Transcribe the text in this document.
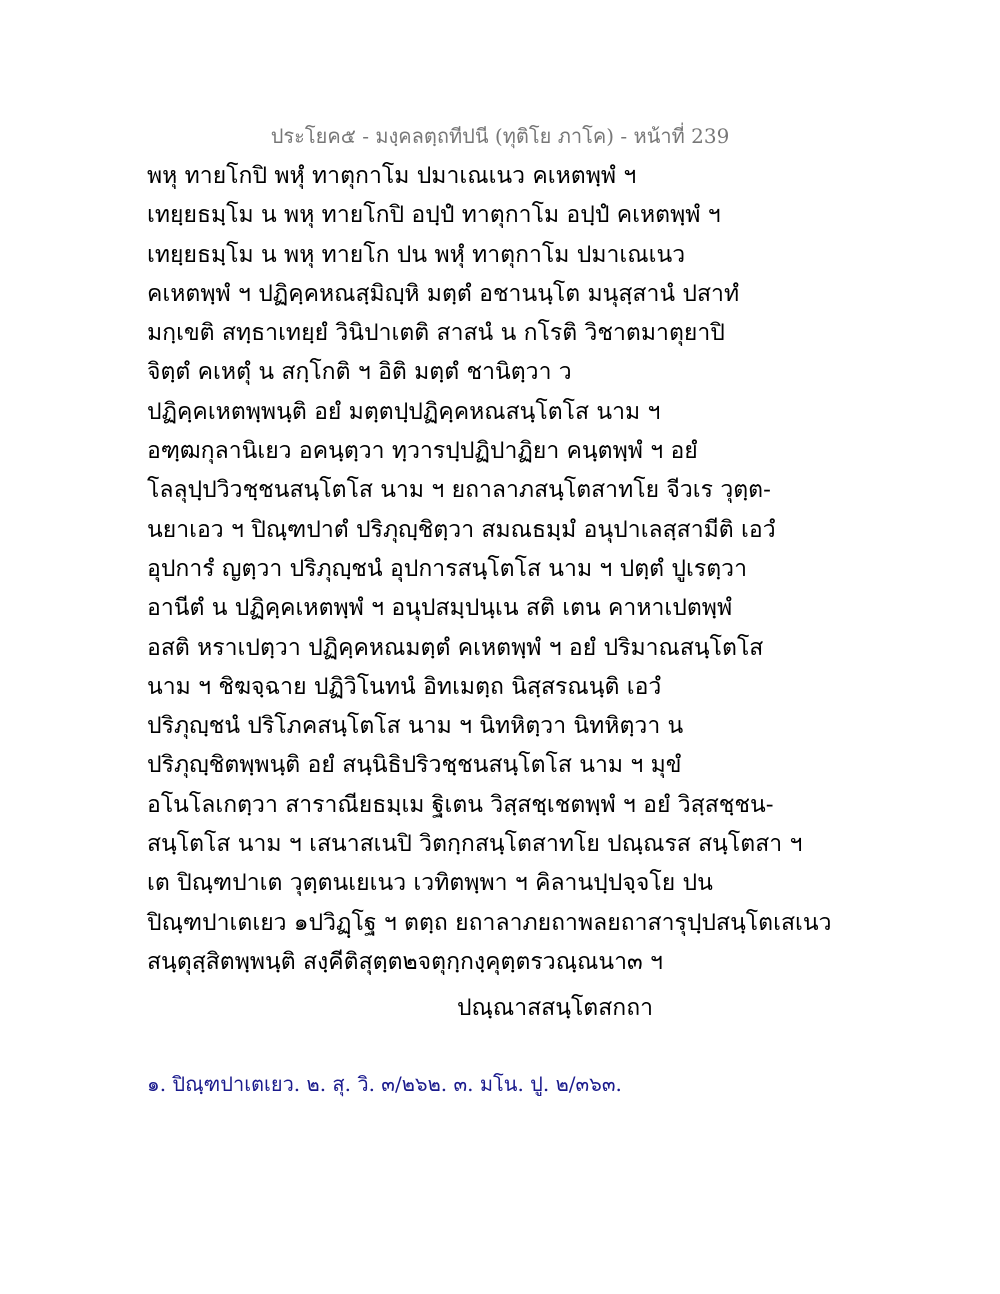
ประโยค๕ - มงฺคลตฺถทีปนี (ทุติโย ภาโค) - หน้าที่ 239
พหุ ทายโกปิ พหุํ ทาตุกาโม ปมาเณเนว คเหตพฺพํ ฯ
เทยฺยธมฺโม น พหุ ทายโกปิ อปฺปํ ทาตุกาโม อปฺปํ คเหตพฺพํ ฯ
เทยฺยธมฺโม น พหุ ทายโก ปน พหุํ ทาตุกาโม ปมาเณเนว
คเหตพฺพํ ฯ ปฏิคฺคหณสฺมิญฺหิ มตฺตํ อชานนฺโต มนุสฺสานํ ปสาทํ
มกฺเขติ สทฺธาเทยฺยํ วินิปาเตติ สาสนํ น กโรติ วิชาตมาตุยาปิ
จิตฺตํ คเหตุํ น สกฺโกติ ฯ อิติ มตฺตํ ชานิตฺวา ว
ปฏิคฺคเหตพฺพนฺติ อยํ มตฺตปฺปฏิคฺคหณสนฺโตโส นาม ฯ
อฑฺฒกุลานิเยว อคนฺตฺวา ทฺวารปฺปฏิปาฏิยา คนฺตพฺพํ ฯ อยํ
โลลุปฺปวิวชฺชนสนฺโตโส นาม ฯ ยถาลาภสนฺโตสาทโย จีวเร วุตฺต-
นยาเอว ฯ ปิณฺฑปาตํ ปริภุญฺชิตฺวา สมณธมฺมํ อนุปาเลสฺสามีติ เอวํ
อุปการํ ญตฺวา ปริภุญฺชนํ อุปการสนฺโตโส นาม ฯ ปตฺตํ ปูเรตฺวา
อานีตํ น ปฏิคฺคเหตพฺพํ ฯ อนุปสมฺปนฺเน สติ เตน คาหาเปตพฺพํ
อสติ หราเปตฺวา ปฏิคฺคหณมตฺตํ คเหตพฺพํ ฯ อยํ ปริมาณสนฺโตโส
นาม ฯ ชิฆจฺฉาย ปฏิวิโนทนํ อิทเมตฺถ นิสฺสรณนฺติ เอวํ
ปริภุญฺชนํ ปริโภคสนฺโตโส นาม ฯ นิทหิตฺวา นิทหิตฺวา น
ปริภุญฺชิตพฺพนฺติ อยํ สนฺนิธิปริวชฺชนสนฺโตโส นาม ฯ มุขํ
อโนโลเกตฺวา สาราณียธมฺเม ฐิเตน วิสฺสชฺเชตพฺพํ ฯ อยํ วิสฺสชฺชน-
สนฺโตโส นาม ฯ เสนาสเนปิ วิตกฺกสนฺโตสาทโย ปณฺณรส สนฺโตสา ฯ
เต ปิณฺฑปาเต วุตฺตนเยเนว เวทิตพฺพา ฯ คิลานปฺปจฺจโย ปน
ปิณฺฑปาเตเยว ๑ปวิฏฺโฐ ฯ ตตฺถ ยถาลาภยถาพลยถาสารุปฺปสนฺโตเสเนว
สนฺตุสฺสิตพฺพนฺติ สงฺคีติสุตฺต๒จตุกฺกงฺคุตฺตรวณฺณนา๓ ฯ
ปณฺณาสสนฺโตสกถา
๑. ปิณฺฑปาเตเยว. ๒. สุ. วิ. ๓/๒๖๒. ๓. มโน. ปู. ๒/๓๖๓.
